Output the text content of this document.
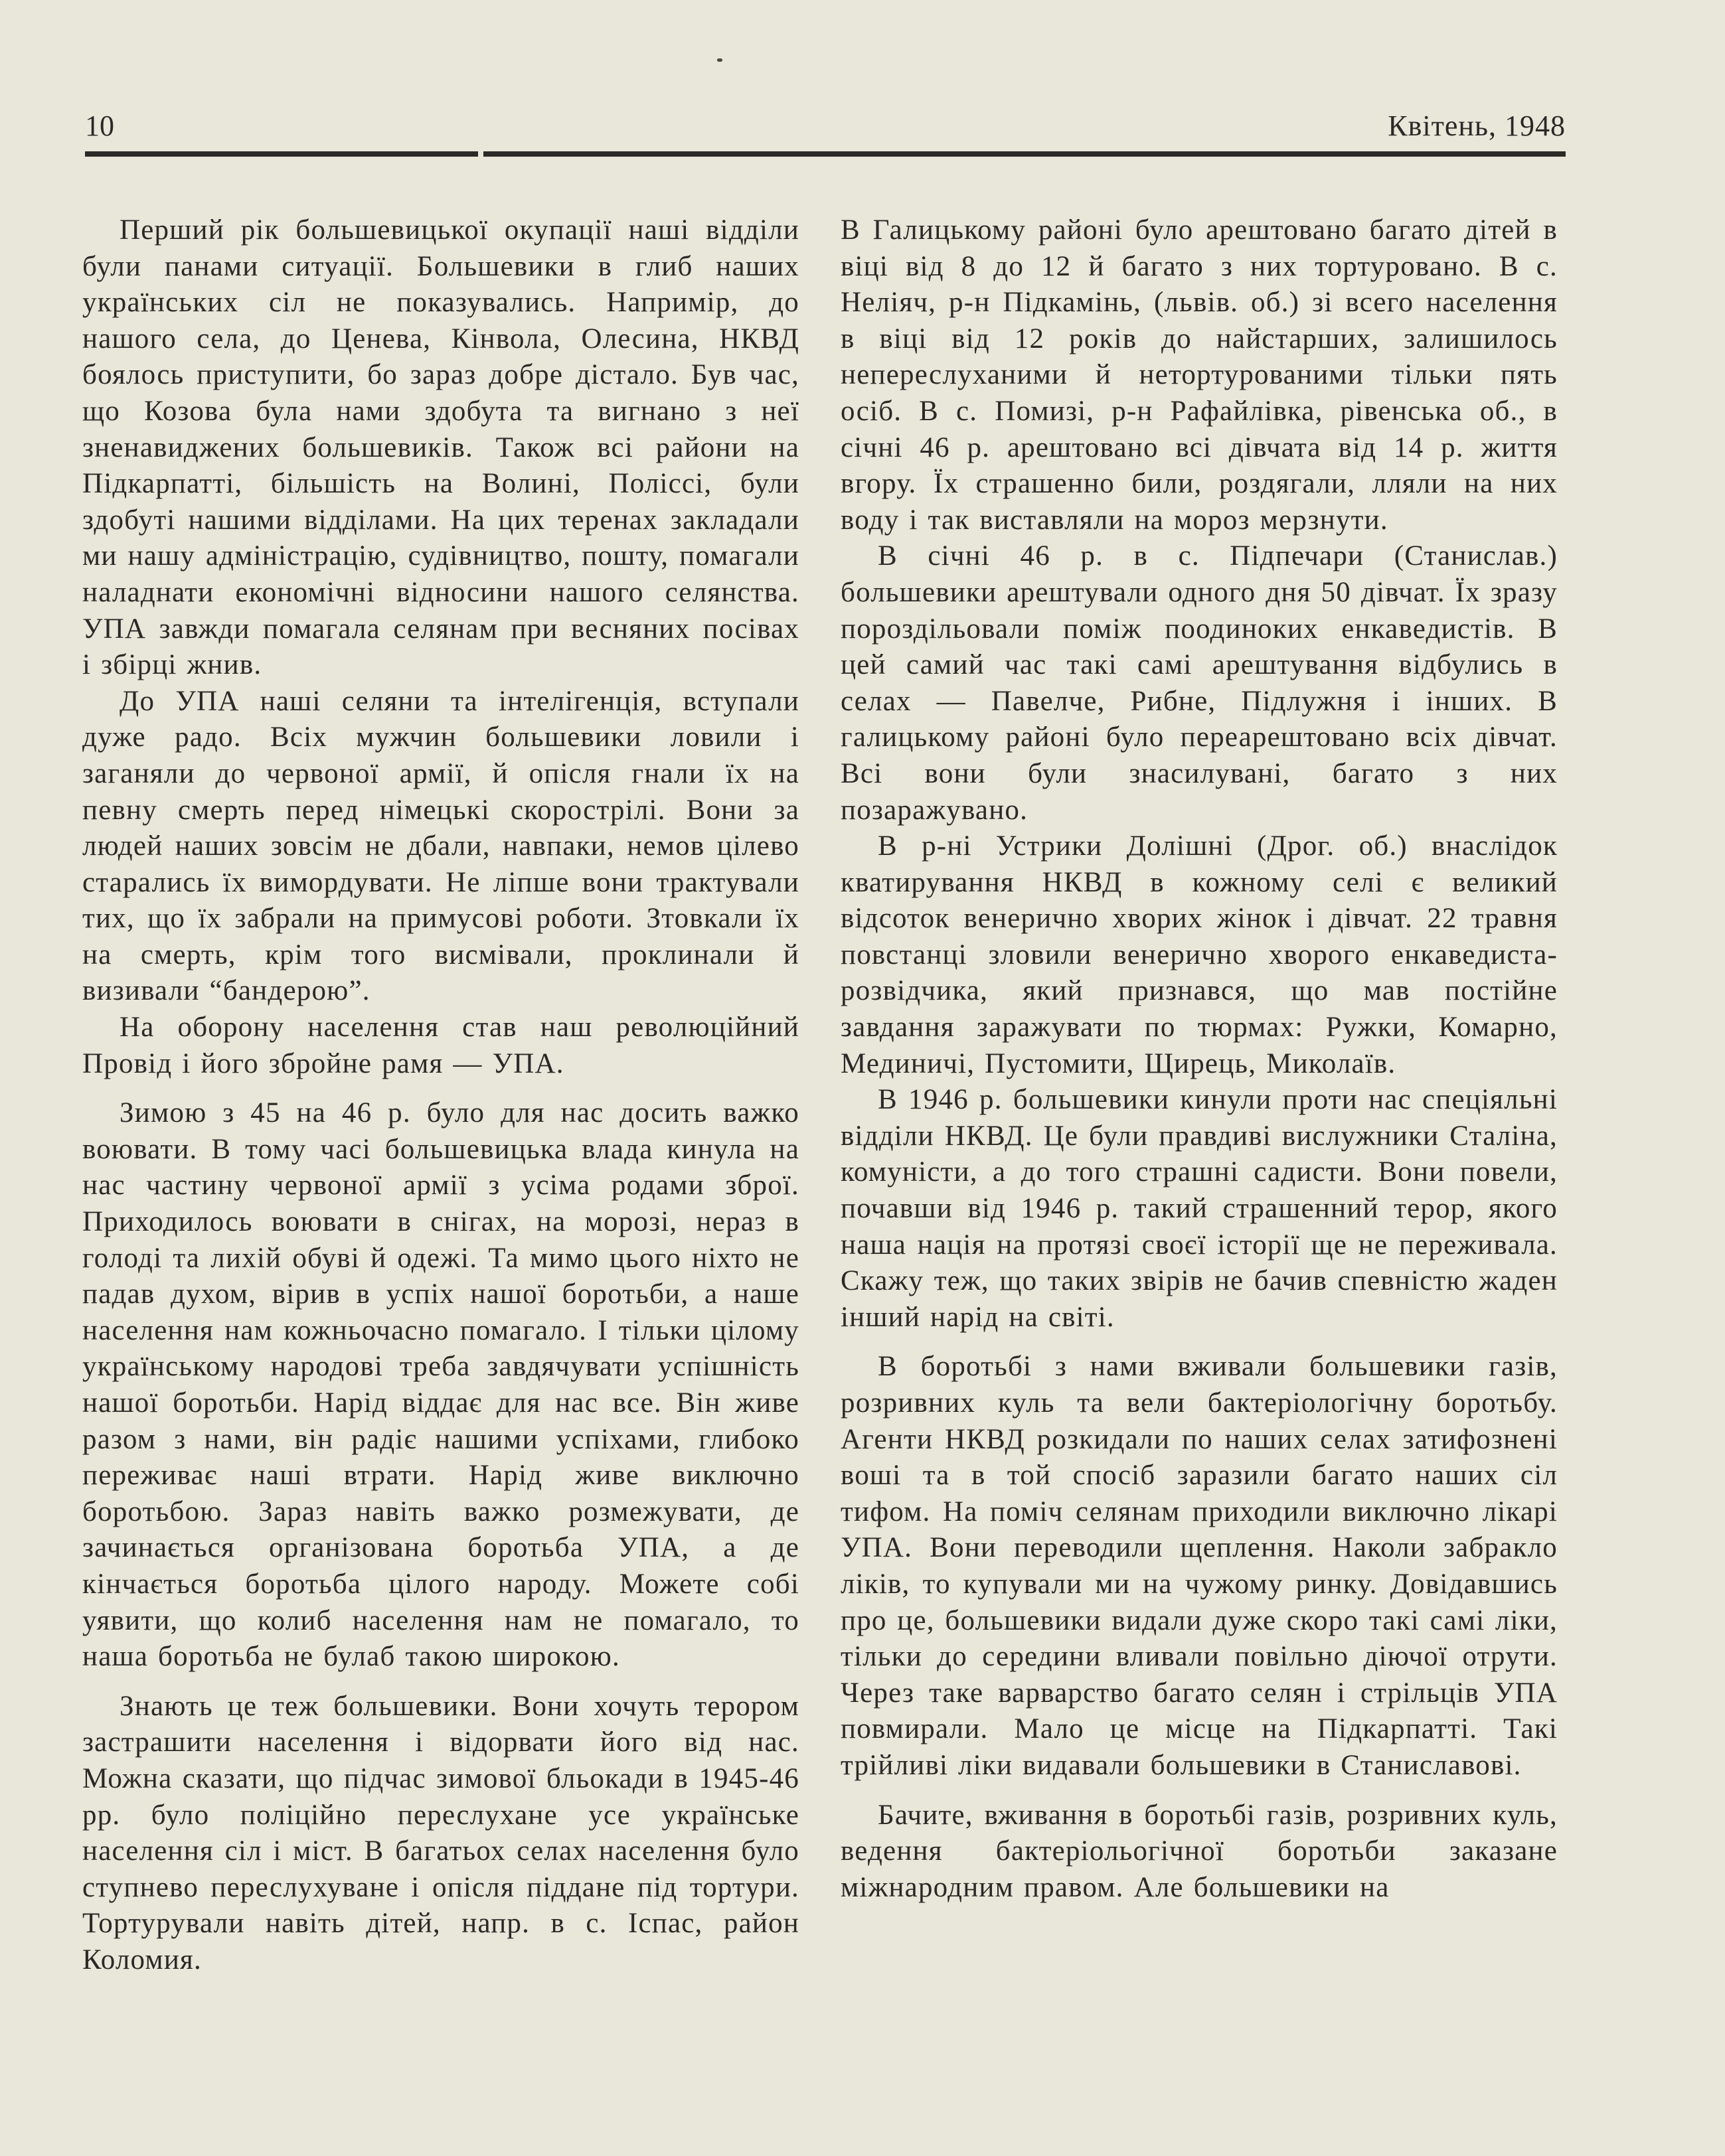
10	Квітень, 1948

Перший рік большевицької окупації наші відділи були панами ситуації. Большевики в глиб наших українських сіл не показувались. Напримір, до нашого села, до Ценева, Кінвола, Олесина, НКВД боялось приступити, бо зараз добре дістало. Був час, що Козова була нами здобута та вигнано з неї зненавиджених большевиків. Також всі райони на Підкарпатті, більшість на Волині, Поліссі, були здобуті нашими відділами. На цих теренах закладали ми нашу адміністрацію, судівництво, пошту, помагали наладнати економічні відносини нашого селянства. УПА завжди помагала селянам при весняних посівах і збірці жнив.

До УПА наші селяни та інтелігенція, вступали дуже радо. Всіх мужчин большевики ловили і заганяли до червоної армії, й опісля гнали їх на певну смерть перед німецькі скорострілі. Вони за людей наших зовсім не дбали, навпаки, немов цілево старались їх вимордувати. Не ліпше вони трактували тих, що їх забрали на примусові роботи. Зтовкали їх на смерть, крім того висмівали, проклинали й визивали “бандерою”.

На оборону населення став наш революційний Провід і його збройне рамя — УПА.

Зимою з 45 на 46 р. було для нас досить важко воювати. В тому часі большевицька влада кинула на нас частину червоної армії з усіма родами зброї. Приходилось воювати в снігах, на морозі, нераз в голоді та лихій обуві й одежі. Та мимо цього ніхто не падав духом, вірив в успіх нашої боротьби, а наше населення нам кожньочасно помагало. І тільки цілому українському народові треба завдячувати успішність нашої боротьби. Нарід віддає для нас все. Він живе разом з нами, він радіє нашими успіхами, глибоко переживає наші втрати. Нарід живе виключно боротьбою. Зараз навіть важко розмежувати, де зачинається організована боротьба УПА, а де кінчається боротьба цілого народу. Можете собі уявити, що колиб населення нам не помагало, то наша боротьба не булаб такою широкою.

Знають це теж большевики. Вони хочуть терором застрашити населення і відорвати його від нас. Можна сказати, що підчас зимової бльокади в 1945-46 рр. було поліційно переслухане усе українське населення сіл і міст. В багатьох селах населення було ступнево переслухуване і опісля піддане під тортури. Тортурували навіть дітей, напр. в с. Іспас, район Коломия.

В Галицькому районі було арештовано багато дітей в віці від 8 до 12 й багато з них тортуровано. В с. Неліяч, р-н Підкамінь, (львів. об.) зі всего населення в віці від 12 років до найстарших, залишилось непереслуханими й нетортурованими тільки пять осіб. В с. Помизі, р-н Рафайлівка, рівенська об., в січні 46 р. арештовано всі дівчата від 14 р. життя вгору. Їх страшенно били, роздягали, лляли на них воду і так виставляли на мороз мерзнути.

В січні 46 р. в с. Підпечари (Станислав.) большевики арештували одного дня 50 дівчат. Їх зразу пороздільовали поміж поодиноких енкаведистів. В цей самий час такі самі арештування відбулись в селах — Павелче, Рибне, Підлужня і інших. В галицькому районі було переарештовано всіх дівчат. Всі вони були знасилувані, багато з них позаражувано.

В р-ні Устрики Долішні (Дрог. об.) внаслідок кватирування НКВД в кожному селі є великий відсоток венерично хворих жінок і дівчат. 22 травня повстанці зловили венерично хворого енкаведиста-розвідчика, який признався, що мав постійне завдання заражувати по тюрмах: Ружки, Комарно, Мединичі, Пустомити, Щирець, Миколаїв.

В 1946 р. большевики кинули проти нас спеціяльні відділи НКВД. Це були правдиві вислужники Сталіна, комуністи, а до того страшні садисти. Вони повели, почавши від 1946 р. такий страшенний терор, якого наша нація на протязі своєї історії ще не переживала. Скажу теж, що таких звірів не бачив спевністю жаден інший нарід на світі.

В боротьбі з нами вживали большевики газів, розривних куль та вели бактеріологічну боротьбу. Агенти НКВД розкидали по наших селах затифознені воші та в той спосіб заразили багато наших сіл тифом. На поміч селянам приходили виключно лікарі УПА. Вони переводили щеплення. Наколи забракло ліків, то купували ми на чужому ринку. Довідавшись про це, большевики видали дуже скоро такі самі ліки, тільки до середини вливали повільно діючої отрути. Через таке варварство багато селян і стрільців УПА повмирали. Мало це місце на Підкарпатті. Такі трійливі ліки видавали большевики в Станиславові.

Бачите, вживання в боротьбі газів, розривних куль, ведення бактеріольогічної боротьби заказане міжнародним правом. Але большевики на
